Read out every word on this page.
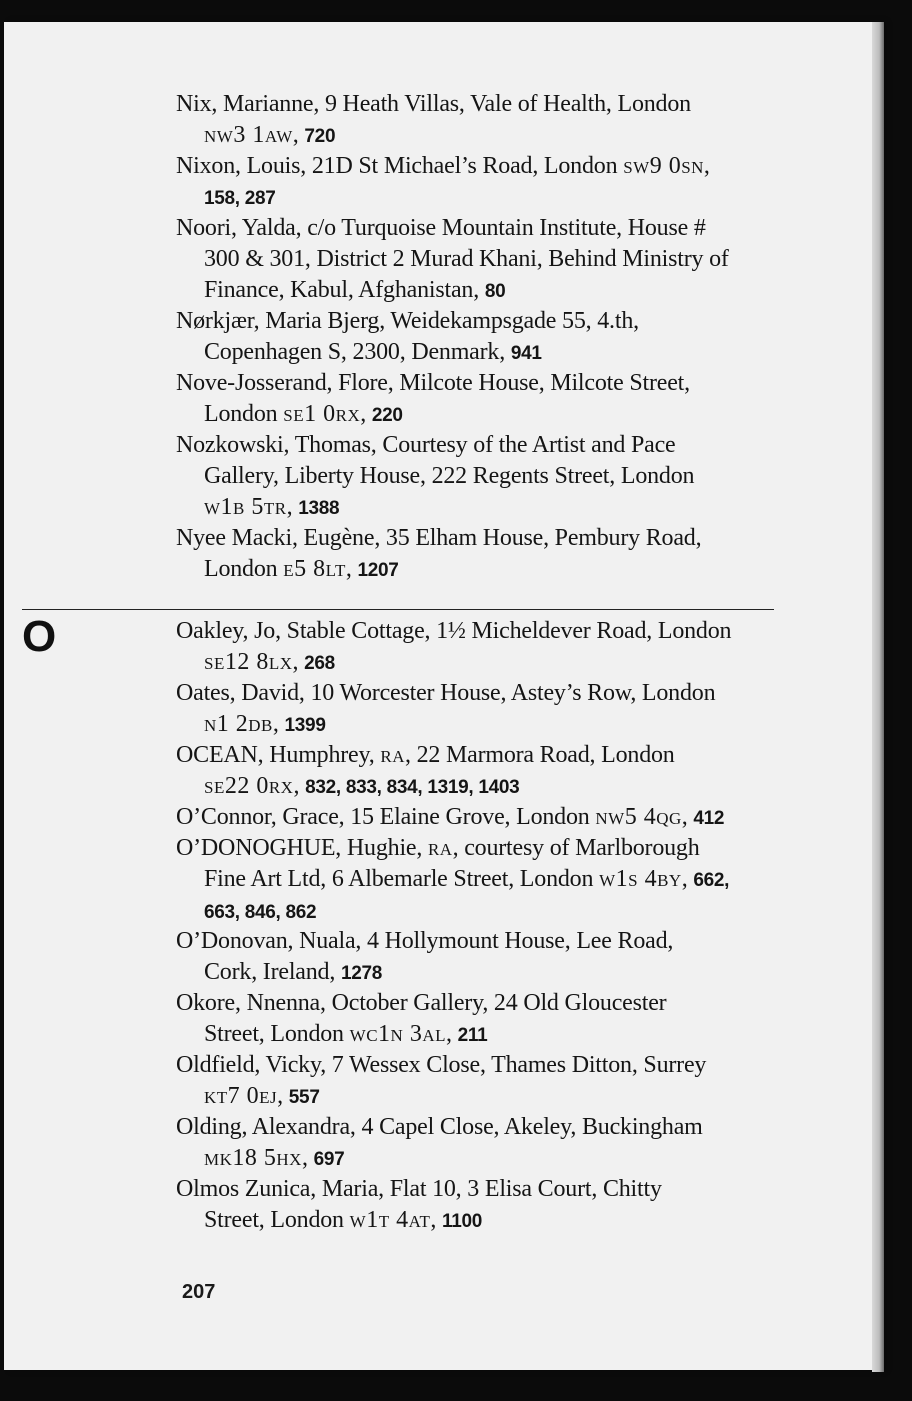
Nix, Marianne, 9 Heath Villas, Vale of Health, London
nw3 1aw, 720
Nixon, Louis, 21D St Michael’s Road, London sw9 0sn,
158, 287
Noori, Yalda, c/o Turquoise Mountain Institute, House #
300 & 301, District 2 Murad Khani, Behind Ministry of
Finance, Kabul, Afghanistan, 80
Nørkjær, Maria Bjerg, Weidekampsgade 55, 4.th,
Copenhagen S, 2300, Denmark, 941
Nove-Josserand, Flore, Milcote House, Milcote Street,
London se1 0rx, 220
Nozkowski, Thomas, Courtesy of the Artist and Pace
Gallery, Liberty House, 222 Regents Street, London
w1b 5tr, 1388
Nyee Macki, Eugène, 35 Elham House, Pembury Road,
London e5 8lt, 1207
Oakley, Jo, Stable Cottage, 1½ Micheldever Road, London
se12 8lx, 268
Oates, David, 10 Worcester House, Astey’s Row, London
n1 2db, 1399
OCEAN, Humphrey, ra, 22 Marmora Road, London
se22 0rx, 832, 833, 834, 1319, 1403
O’Connor, Grace, 15 Elaine Grove, London nw5 4qg, 412
O’DONOGHUE, Hughie, ra, courtesy of Marlborough
Fine Art Ltd, 6 Albemarle Street, London w1s 4by, 662,
663, 846, 862
O’Donovan, Nuala, 4 Hollymount House, Lee Road,
Cork, Ireland, 1278
Okore, Nnenna, October Gallery, 24 Old Gloucester
Street, London wc1n 3al, 211
Oldfield, Vicky, 7 Wessex Close, Thames Ditton, Surrey
kt7 0ej, 557
Olding, Alexandra, 4 Capel Close, Akeley, Buckingham
mk18 5hx, 697
Olmos Zunica, Maria, Flat 10, 3 Elisa Court, Chitty
Street, London w1t 4at, 1100
O
207
